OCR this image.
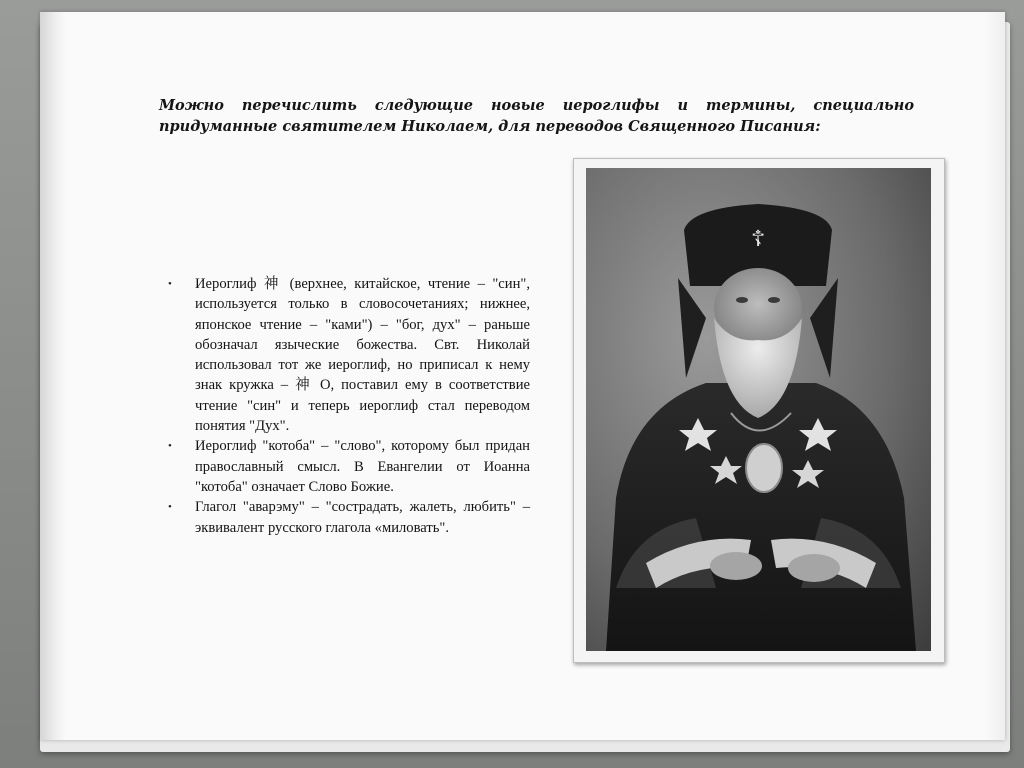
Можно перечислить следующие новые иероглифы и термины, специально придуманные святителем Николаем, для переводов Священного Писания:

• Иероглиф 神 (верхнее, китайское, чтение – "син", используется только в словосочетаниях; нижнее, японское чтение – "ками") – "бог, дух" – раньше обозначал языческие божества. Свт. Николай использовал тот же иероглиф, но приписал к нему знак кружка – 神 О, поставил ему в соответствие чтение "син" и теперь иероглиф стал переводом понятия "Дух".
• Иероглиф "котоба" – "слово", которому был придан православный смысл. В Евангелии от Иоанна "котоба" означает Слово Божие.
• Глагол "аварэму" – "сострадать, жалеть, любить" – эквивалент русского глагола «миловать".
☦
